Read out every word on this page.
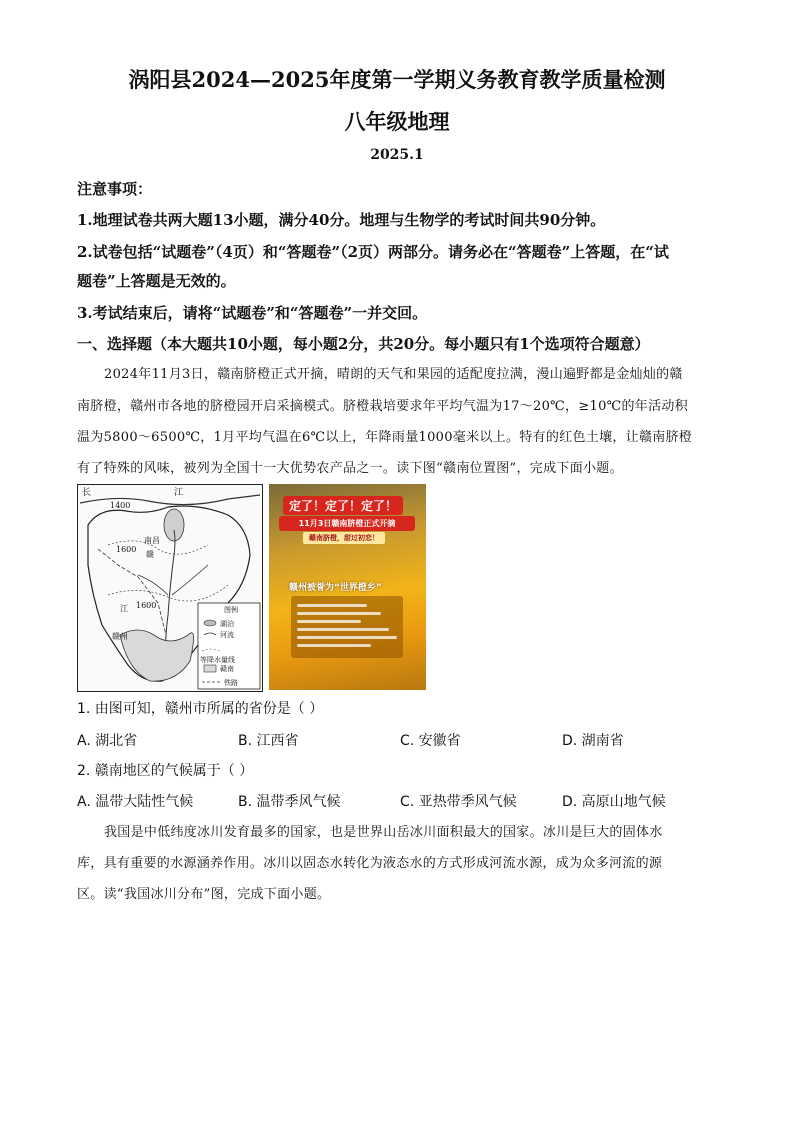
涡阳县2024—2025年度第一学期义务教育教学质量检测
八年级地理
2025.1
注意事项：
1.地理试卷共两大题13小题，满分40分。地理与生物学的考试时间共90分钟。
2.试卷包括“试题卷”（4页）和“答题卷”（2页）两部分。请务必在“答题卷”上答题，在“试
题卷”上答题是无效的。
3.考试结束后，请将“试题卷”和“答题卷”一并交回。
一、选择题（本大题共10小题，每小题2分，共20分。每小题只有1个选项符合题意）
2024年11月3日，赣南脐橙正式开摘，晴朗的天气和果园的适配度拉满，漫山遍野都是金灿灿的赣
南脐橙，赣州市各地的脐橙园开启采摘模式。脐橙栽培要求年平均气温为17～20℃，≥10℃的年活动积
温为5800～6500℃，1月平均气温在6℃以上，年降雨量1000毫米以上。特有的红色土壤，让赣南脐橙
有了特殊的风味，被列为全国十一大优势农产品之一。读下图“赣南位置图”，完成下面小题。
长	江
1400
南昌
1600
赣
江 1600
赣州
图例
湖泊
河流
等降水量线
赣南
铁路
定了！定了！定了！
11月3日赣南脐橙正式开摘
赣南脐橙，甜过初恋！
赣州被誉为“世界橙乡”
1. 由图可知，赣州市所属的省份是（ ）
A. 湖北省	B. 江西省	C. 安徽省	D. 湖南省
2. 赣南地区的气候属于（ ）
A. 温带大陆性气候	B. 温带季风气候	C. 亚热带季风气候	D. 高原山地气候
我国是中低纬度冰川发育最多的国家，也是世界山岳冰川面积最大的国家。冰川是巨大的固体水
库，具有重要的水源涵养作用。冰川以固态水转化为液态水的方式形成河流水源，成为众多河流的源
区。读“我国冰川分布”图，完成下面小题。
